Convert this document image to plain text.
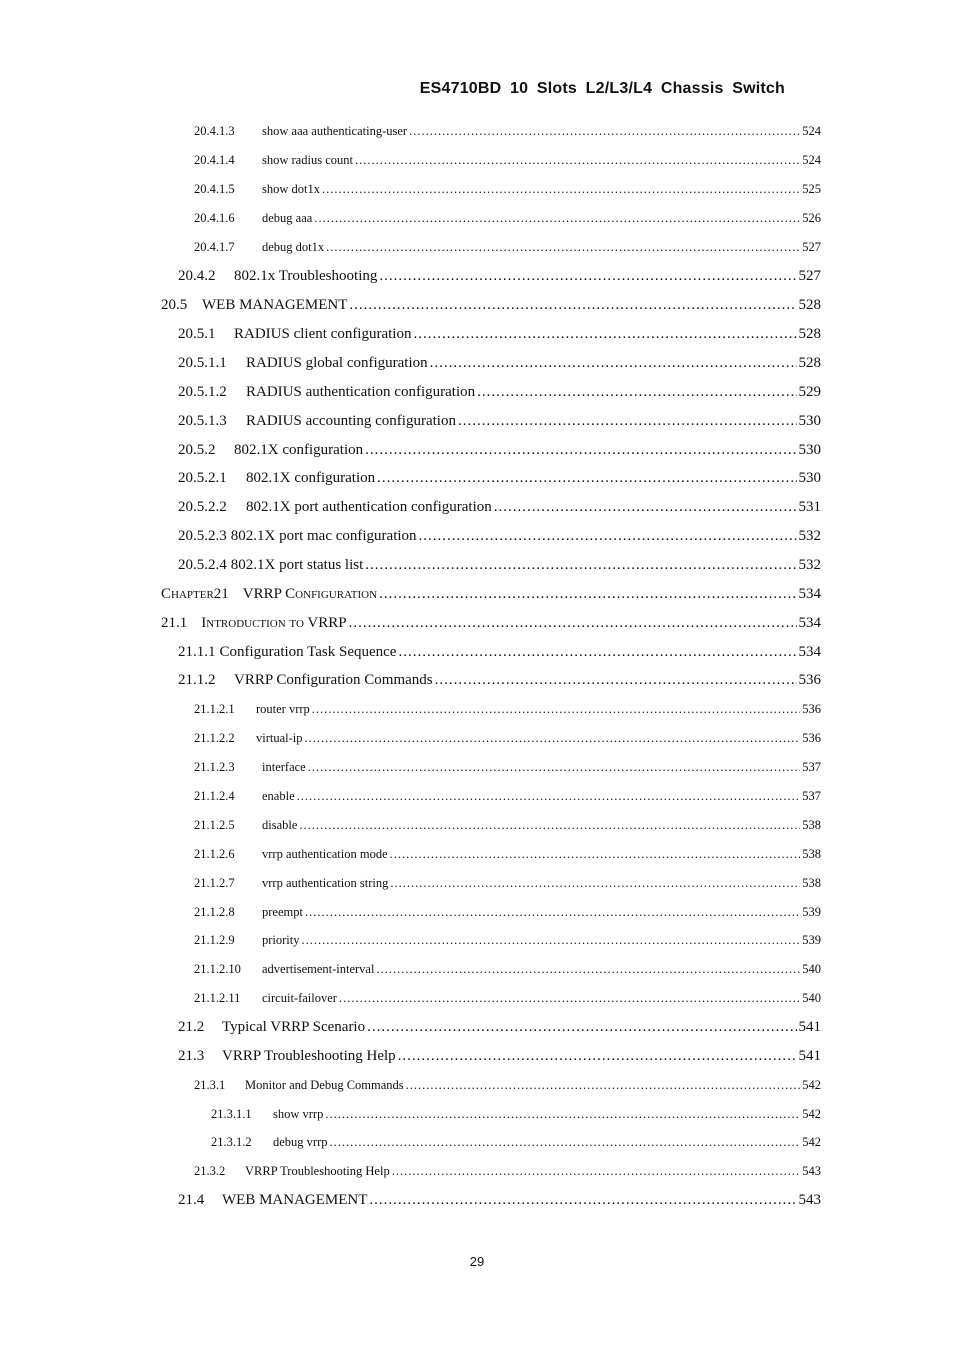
ES4710BD 10 Slots L2/L3/L4 Chassis Switch
20.4.1.3	show aaa authenticating-user .....	524
20.4.1.4	show radius count .....	524
20.4.1.5	show dot1x .....	525
20.4.1.6	debug aaa .....	526
20.4.1.7	debug dot1x .....	527
20.4.2	802.1x Troubleshooting .....	527
20.5 WEB MANAGEMENT .....	528
20.5.1	RADIUS client configuration .....	528
20.5.1.1	RADIUS global configuration .....	528
20.5.1.2	RADIUS authentication configuration .....	529
20.5.1.3	RADIUS accounting configuration .....	530
20.5.2	802.1X configuration .....	530
20.5.2.1	802.1X configuration .....	530
20.5.2.2	802.1X port authentication configuration .....	531
20.5.2.3 802.1X port mac configuration .....	532
20.5.2.4 802.1X port status list .....	532
Chapter21 VRRP Configuration .....	534
21.1 Introduction to VRRP .....	534
21.1.1 Configuration Task Sequence .....	534
21.1.2	VRRP Configuration Commands .....	536
21.1.2.1	router vrrp .....	536
21.1.2.2	virtual-ip .....	536
21.1.2.3	interface .....	537
21.1.2.4	enable .....	537
21.1.2.5	disable .....	538
21.1.2.6	vrrp authentication mode .....	538
21.1.2.7	vrrp authentication string .....	538
21.1.2.8	preempt .....	539
21.1.2.9	priority .....	539
21.1.2.10	advertisement-interval .....	540
21.1.2.11	circuit-failover .....	540
21.2	Typical VRRP Scenario .....	541
21.3	VRRP Troubleshooting Help .....	541
21.3.1	Monitor and Debug Commands .....	542
21.3.1.1	show vrrp .....	542
21.3.1.2	debug vrrp .....	542
21.3.2	VRRP Troubleshooting Help .....	543
21.4	WEB MANAGEMENT .....	543
29
